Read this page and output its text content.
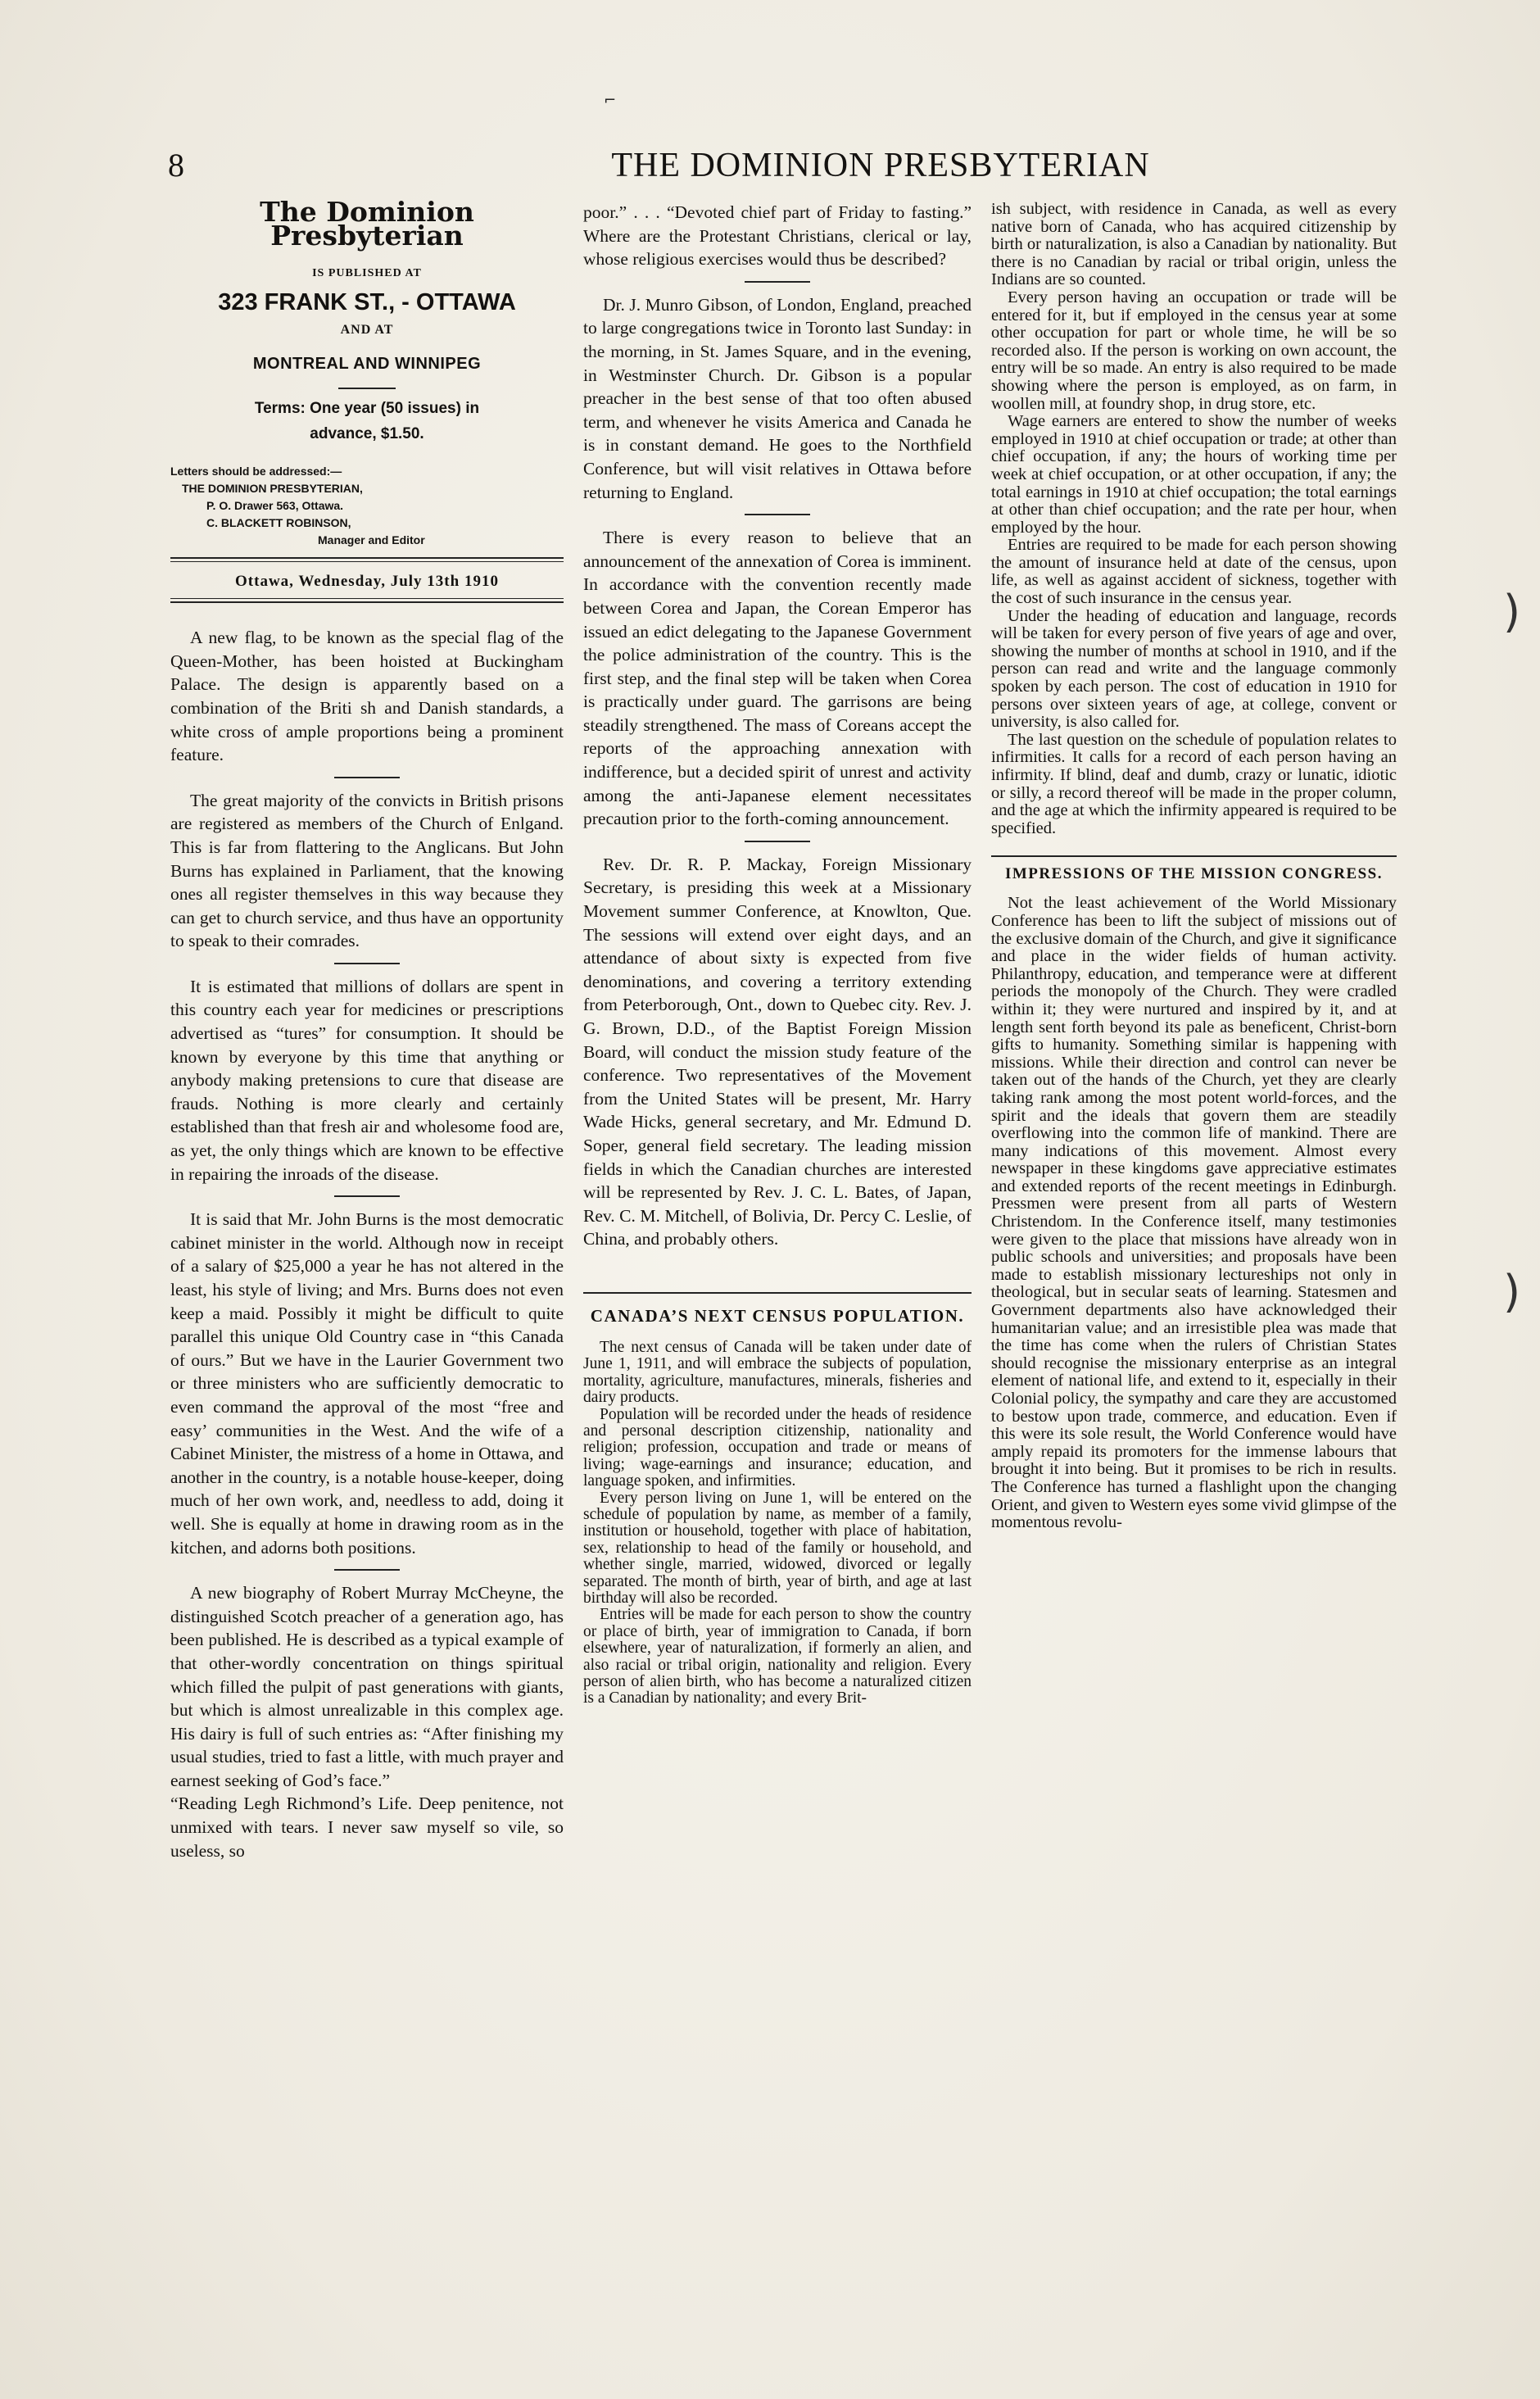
⌐
)
)
8	THE DOMINION PRESBYTERIAN
The Dominion Presbyterian
IS PUBLISHED AT
323 FRANK ST., - OTTAWA
AND AT
MONTREAL AND WINNIPEG
Terms: One year (50 issues) in
advance, $1.50.
Letters should be addressed:—
THE DOMINION PRESBYTERIAN,
P. O. Drawer 563, Ottawa.
C. BLACKETT ROBINSON,
Manager and Editor
Ottawa, Wednesday, July 13th 1910

A new flag, to be known as the special flag of the Queen-Mother, has been hoisted at Buckingham Palace. The design is apparently based on a combination of the Briti sh and Danish standards, a white cross of ample proportions being a prominent feature.

The great majority of the convicts in British prisons are registered as members of the Church of Enlgand. This is far from flattering to the Anglicans. But John Burns has explained in Parliament, that the knowing ones all register themselves in this way because they can get to church service, and thus have an opportunity to speak to their comrades.

It is estimated that millions of dollars are spent in this country each year for medicines or prescriptions advertised as “tures” for consumption. It should be known by everyone by this time that anything or anybody making pretensions to cure that disease are frauds. Nothing is more clearly and certainly established than that fresh air and wholesome food are, as yet, the only things which are known to be effective in repairing the inroads of the disease.

It is said that Mr. John Burns is the most democratic cabinet minister in the world. Although now in receipt of a salary of $25,000 a year he has not altered in the least, his style of living; and Mrs. Burns does not even keep a maid. Possibly it might be difficult to quite parallel this unique Old Country case in “this Canada of ours.” But we have in the Laurier Government two or three ministers who are sufficiently democratic to even command the approval of the most “free and easy’ communities in the West. And the wife of a Cabinet Minister, the mistress of a home in Ottawa, and another in the country, is a notable house-keeper, doing much of her own work, and, needless to add, doing it well. She is equally at home in drawing room as in the kitchen, and adorns both positions.

A new biography of Robert Murray McCheyne, the distinguished Scotch preacher of a generation ago, has been published. He is described as a typical example of that other-wordly concentration on things spiritual which filled the pulpit of past generations with giants, but which is almost unrealizable in this complex age. His dairy is full of such entries as: “After finishing my usual studies, tried to fast a little, with much prayer and earnest seeking of God’s face.”

“Reading Legh Richmond’s Life. Deep penitence, not unmixed with tears. I never saw myself so vile, so useless, so

poor.” . . . “Devoted chief part of Friday to fasting.” Where are the Protestant Christians, clerical or lay, whose religious exercises would thus be described?

Dr. J. Munro Gibson, of London, England, preached to large congregations twice in Toronto last Sunday: in the morning, in St. James Square, and in the evening, in Westminster Church. Dr. Gibson is a popular preacher in the best sense of that too often abused term, and whenever he visits America and Canada he is in constant demand. He goes to the Northfield Conference, but will visit relatives in Ottawa before returning to England.

There is every reason to believe that an announcement of the annexation of Corea is imminent. In accordance with the convention recently made between Corea and Japan, the Corean Emperor has issued an edict delegating to the Japanese Government the police administration of the country. This is the first step, and the final step will be taken when Corea is practically under guard. The garrisons are being steadily strengthened. The mass of Coreans accept the reports of the approaching annexation with indifference, but a decided spirit of unrest and activity among the anti-Japanese element necessitates precaution prior to the forth-coming announcement.

Rev. Dr. R. P. Mackay, Foreign Missionary Secretary, is presiding this week at a Missionary Movement summer Conference, at Knowlton, Que. The sessions will extend over eight days, and an attendance of about sixty is expected from five denominations, and covering a territory extending from Peterborough, Ont., down to Quebec city. Rev. J. G. Brown, D.D., of the Baptist Foreign Mission Board, will conduct the mission study feature of the conference. Two representatives of the Movement from the United States will be present, Mr. Harry Wade Hicks, general secretary, and Mr. Edmund D. Soper, general field secretary. The leading mission fields in which the Canadian churches are interested will be represented by Rev. J. C. L. Bates, of Japan, Rev. C. M. Mitchell, of Bolivia, Dr. Percy C. Leslie, of China, and probably others.

CANADA’S NEXT CENSUS POPULATION.

The next census of Canada will be taken under date of June 1, 1911, and will embrace the subjects of population, mortality, agriculture, manufactures, minerals, fisheries and dairy products.

Population will be recorded under the heads of residence and personal description citizenship, nationality and religion; profession, occupation and trade or means of living; wage-earnings and insurance; education, and language spoken, and infirmities.

Every person living on June 1, will be entered on the schedule of population by name, as member of a family, institution or household, together with place of habitation, sex, relationship to head of the family or household, and whether single, married, widowed, divorced or legally separated. The month of birth, year of birth, and age at last birthday will also be recorded.

Entries will be made for each person to show the country or place of birth, year of immigration to Canada, if born elsewhere, year of naturalization, if formerly an alien, and also racial or tribal origin, nationality and religion. Every person of alien birth, who has become a naturalized citizen is a Canadian by nationality; and every Brit-

ish subject, with residence in Canada, as well as every native born of Canada, who has acquired citizenship by birth or naturalization, is also a Canadian by nationality. But there is no Canadian by racial or tribal origin, unless the Indians are so counted.

Every person having an occupation or trade will be entered for it, but if employed in the census year at some other occupation for part or whole time, he will be so recorded also. If the person is working on own account, the entry will be so made. An entry is also required to be made showing where the person is employed, as on farm, in woollen mill, at foundry shop, in drug store, etc.

Wage earners are entered to show the number of weeks employed in 1910 at chief occupation or trade; at other than chief occupation, if any; the hours of working time per week at chief occupation, or at other occupation, if any; the total earnings in 1910 at chief occupation; the total earnings at other than chief occupation; and the rate per hour, when employed by the hour.

Entries are required to be made for each person showing the amount of insurance held at date of the census, upon life, as well as against accident of sickness, together with the cost of such insurance in the census year.

Under the heading of education and language, records will be taken for every person of five years of age and over, showing the number of months at school in 1910, and if the person can read and write and the language commonly spoken by each person. The cost of education in 1910 for persons over sixteen years of age, at college, convent or university, is also called for.

The last question on the schedule of population relates to infirmities. It calls for a record of each person having an infirmity. If blind, deaf and dumb, crazy or lunatic, idiotic or silly, a record thereof will be made in the proper column, and the age at which the infirmity appeared is required to be specified.

IMPRESSIONS OF THE MISSION CONGRESS.

Not the least achievement of the World Missionary Conference has been to lift the subject of missions out of the exclusive domain of the Church, and give it significance and place in the wider fields of human activity. Philanthropy, education, and temperance were at different periods the monopoly of the Church. They were cradled within it; they were nurtured and inspired by it, and at length sent forth beyond its pale as beneficent, Christ-born gifts to humanity. Something similar is happening with missions. While their direction and control can never be taken out of the hands of the Church, yet they are clearly taking rank among the most potent world-forces, and the spirit and the ideals that govern them are steadily overflowing into the common life of mankind. There are many indications of this movement. Almost every newspaper in these kingdoms gave appreciative estimates and extended reports of the recent meetings in Edinburgh. Pressmen were present from all parts of Western Christendom. In the Conference itself, many testimonies were given to the place that missions have already won in public schools and universities; and proposals have been made to establish missionary lectureships not only in theological, but in secular seats of learning. Statesmen and Government departments also have acknowledged their humanitarian value; and an irresistible plea was made that the time has come when the rulers of Christian States should recognise the missionary enterprise as an integral element of national life, and extend to it, especially in their Colonial policy, the sympathy and care they are accustomed to bestow upon trade, commerce, and education. Even if this were its sole result, the World Conference would have amply repaid its promoters for the immense labours that brought it into being. But it promises to be rich in results. The Conference has turned a flashlight upon the changing Orient, and given to Western eyes some vivid glimpse of the momentous revolu-
